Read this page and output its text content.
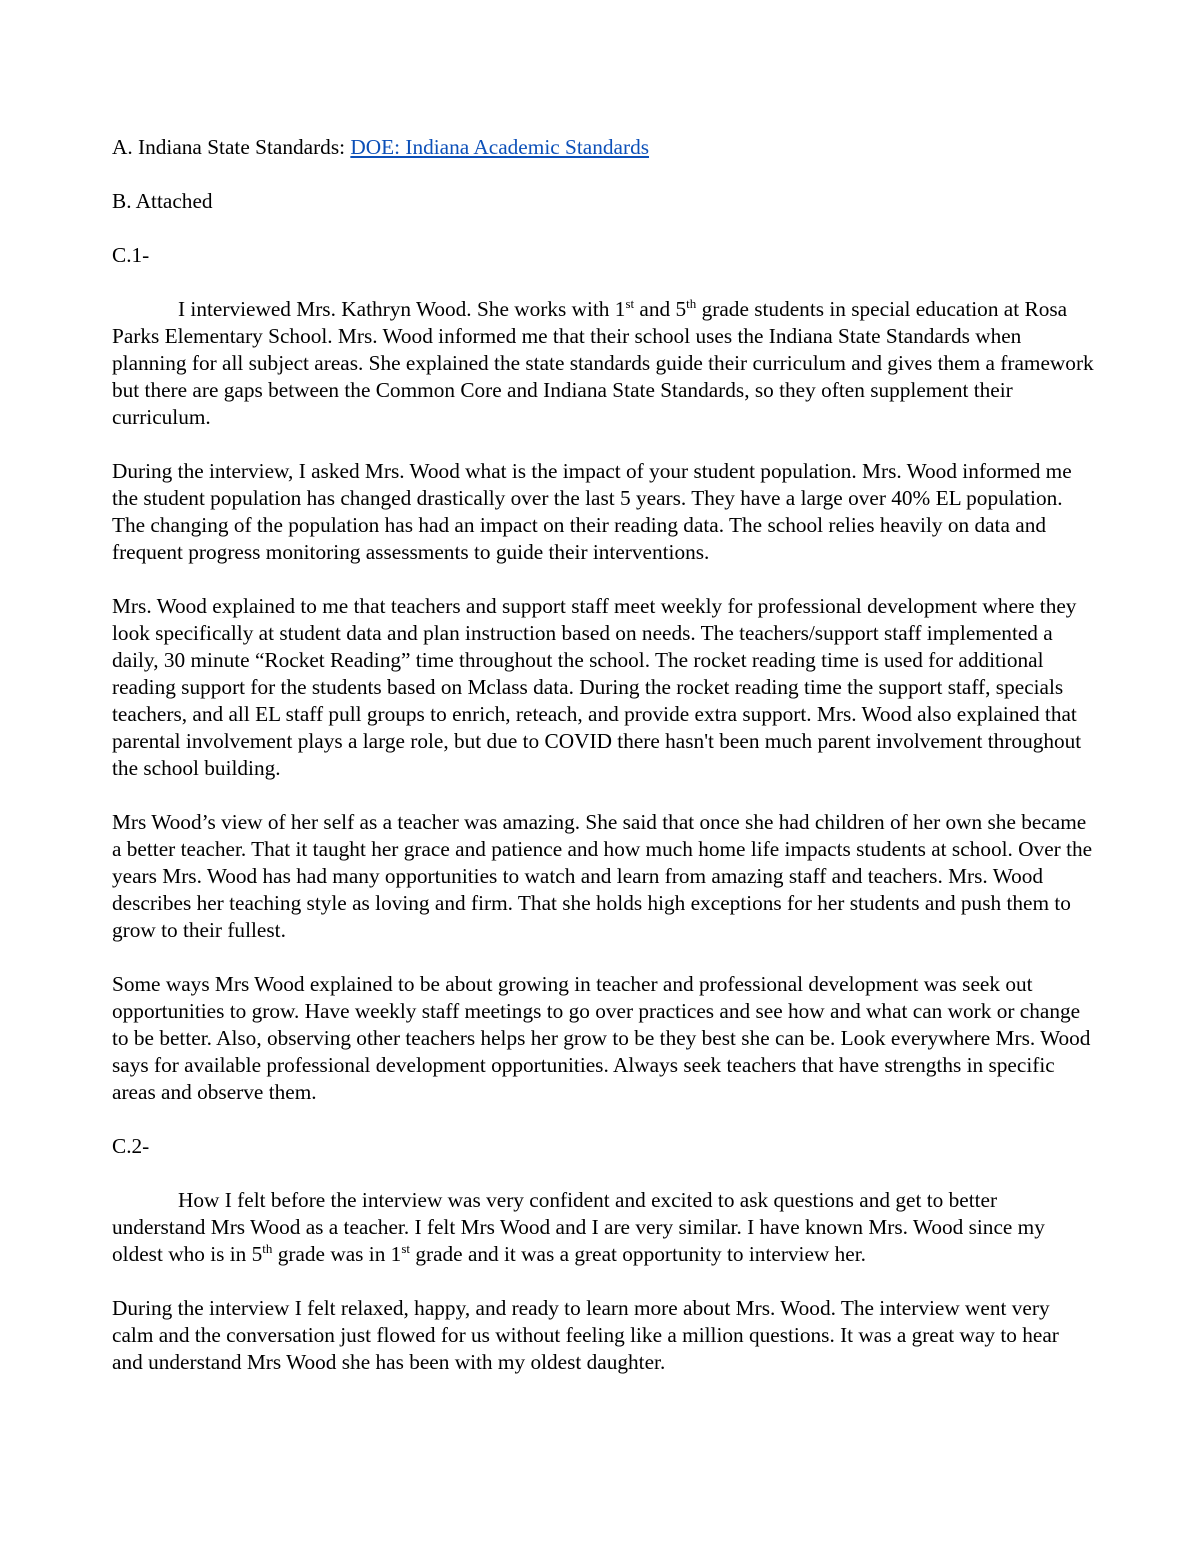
A. Indiana State Standards: DOE: Indiana Academic Standards

B. Attached

C.1-

I interviewed Mrs. Kathryn Wood. She works with 1st and 5th grade students in special education at Rosa Parks Elementary School. Mrs. Wood informed me that their school uses the Indiana State Standards when planning for all subject areas. She explained the state standards guide their curriculum and gives them a framework but there are gaps between the Common Core and Indiana State Standards, so they often supplement their curriculum.

During the interview, I asked Mrs. Wood what is the impact of your student population. Mrs. Wood informed me the student population has changed drastically over the last 5 years. They have a large over 40% EL population. The changing of the population has had an impact on their reading data. The school relies heavily on data and frequent progress monitoring assessments to guide their interventions.

Mrs. Wood explained to me that teachers and support staff meet weekly for professional development where they look specifically at student data and plan instruction based on needs. The teachers/support staff implemented a daily, 30 minute “Rocket Reading” time throughout the school. The rocket reading time is used for additional reading support for the students based on Mclass data. During the rocket reading time the support staff, specials teachers, and all EL staff pull groups to enrich, reteach, and provide extra support. Mrs. Wood also explained that parental involvement plays a large role, but due to COVID there hasn't been much parent involvement throughout the school building.

Mrs Wood’s view of her self as a teacher was amazing. She said that once she had children of her own she became a better teacher. That it taught her grace and patience and how much home life impacts students at school. Over the years Mrs. Wood has had many opportunities to watch and learn from amazing staff and teachers. Mrs. Wood describes her teaching style as loving and firm. That she holds high exceptions for her students and push them to grow to their fullest.

Some ways Mrs Wood explained to be about growing in teacher and professional development was seek out opportunities to grow. Have weekly staff meetings to go over practices and see how and what can work or change to be better. Also, observing other teachers helps her grow to be they best she can be. Look everywhere Mrs. Wood says for available professional development opportunities. Always seek teachers that have strengths in specific areas and observe them.

C.2-

How I felt before the interview was very confident and excited to ask questions and get to better understand Mrs Wood as a teacher. I felt Mrs Wood and I are very similar. I have known Mrs. Wood since my oldest who is in 5th grade was in 1st grade and it was a great opportunity to interview her.

During the interview I felt relaxed, happy, and ready to learn more about Mrs. Wood. The interview went very calm and the conversation just flowed for us without feeling like a million questions. It was a great way to hear and understand Mrs Wood she has been with my oldest daughter.
